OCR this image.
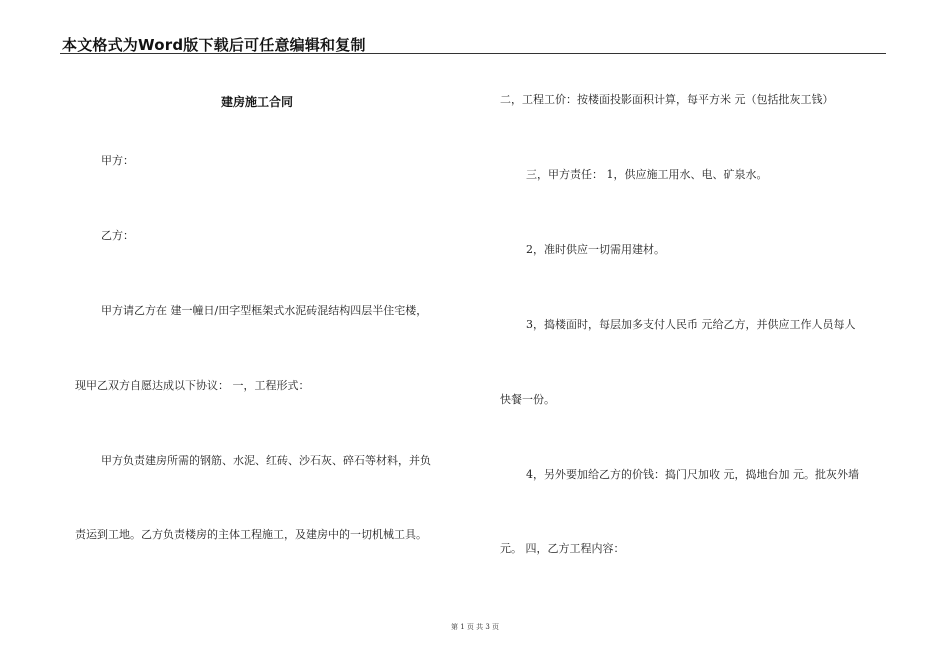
本文格式为Word版下载后可任意编辑和复制
建房施工合同
甲方：
乙方：
甲方请乙方在 建一幢日/田字型框架式水泥砖混结构四层半住宅楼，
现甲乙双方自愿达成以下协议： 一，工程形式：
甲方负责建房所需的钢筋、水泥、红砖、沙石灰、碎石等材料，并负
责运到工地。乙方负责楼房的主体工程施工，及建房中的一切机械工具。
二，工程工价：按楼面投影面积计算，每平方米 元（包括批灰工钱）
三，甲方责任： 1，供应施工用水、电、矿泉水。
2，准时供应一切需用建材。
3，捣楼面时，每层加多支付人民币 元给乙方，并供应工作人员每人
快餐一份。
4，另外要加给乙方的价钱：捣门尺加收 元，捣地台加 元。批灰外墙
元。 四，乙方工程内容：
第 1 页 共 3 页
